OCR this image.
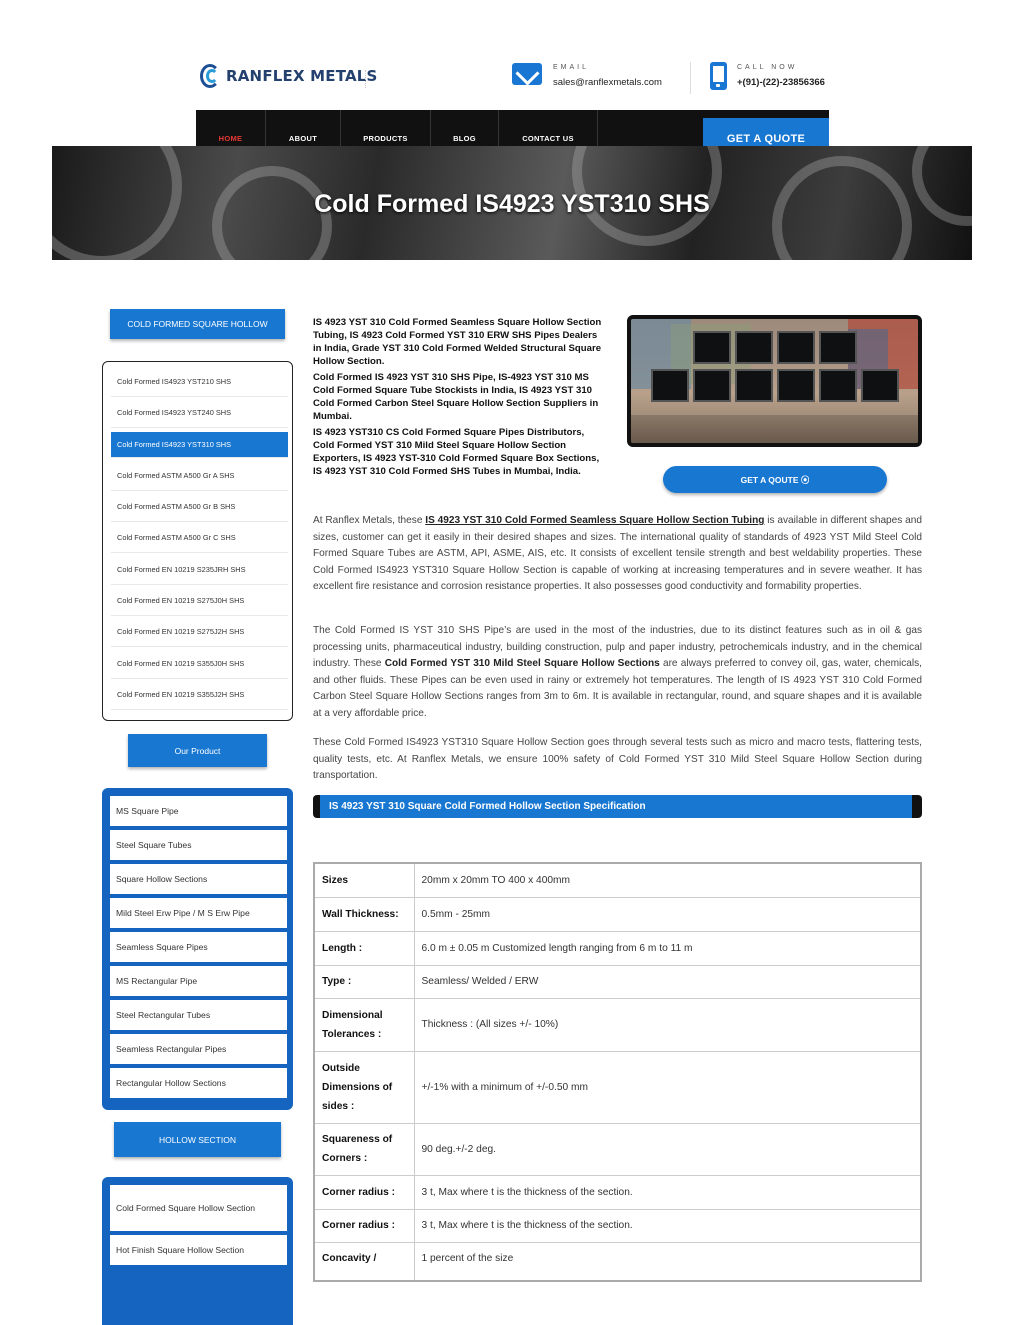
RANFLEX METALS	EMAIL
sales@ranflexmetals.com
CALL NOW
+(91)-(22)-23856366
HOME	ABOUT	PRODUCTS	BLOG	CONTACT US	GET A QUOTE
Cold Formed IS4923 YST310 SHS
COLD FORMED SQUARE HOLLOW
Cold Formed IS4923 YST210 SHS
Cold Formed IS4923 YST240 SHS
Cold Formed IS4923 YST310 SHS
Cold Formed ASTM A500 Gr A SHS
Cold Formed ASTM A500 Gr B SHS
Cold Formed ASTM A500 Gr C SHS
Cold Formed EN 10219 S235JRH SHS
Cold Formed EN 10219 S275J0H SHS
Cold Formed EN 10219 S275J2H SHS
Cold Formed EN 10219 S355J0H SHS
Cold Formed EN 10219 S355J2H SHS
Our Product
MS Square Pipe
Steel Square Tubes
Square Hollow Sections
Mild Steel Erw Pipe / M S Erw Pipe
Seamless Square Pipes
MS Rectangular Pipe
Steel Rectangular Tubes
Seamless Rectangular Pipes
Rectangular Hollow Sections
HOLLOW SECTION
Cold Formed Square Hollow Section
Hot Finish Square Hollow Section

IS 4923 YST 310 Cold Formed Seamless Square Hollow Section Tubing, IS 4923 Cold Formed YST 310 ERW SHS Pipes Dealers in India, Grade YST 310 Cold Formed Welded Structural Square Hollow Section.

Cold Formed IS 4923 YST 310 SHS Pipe, IS-4923 YST 310 MS Cold Formed Square Tube Stockists in India, IS 4923 YST 310 Cold Formed Carbon Steel Square Hollow Section Suppliers in Mumbai.

IS 4923 YST310 CS Cold Formed Square Pipes Distributors, Cold Formed YST 310 Mild Steel Square Hollow Section Exporters, IS 4923 YST-310 Cold Formed Square Box Sections, IS 4923 YST 310 Cold Formed SHS Tubes in Mumbai, India.

GET A QOUTE ⦿
At Ranflex Metals, these IS 4923 YST 310 Cold Formed Seamless Square Hollow Section Tubing is available in different shapes and sizes, customer can get it easily in their desired shapes and sizes. The international quality of standards of 4923 YST Mild Steel Cold Formed Square Tubes are ASTM, API, ASME, AIS, etc. It consists of excellent tensile strength and best weldability properties. These Cold Formed IS4923 YST310 Square Hollow Section is capable of working at increasing temperatures and in severe weather. It has excellent fire resistance and corrosion resistance properties. It also possesses good conductivity and formability properties.
The Cold Formed IS YST 310 SHS Pipe’s are used in the most of the industries, due to its distinct features such as in oil & gas processing units, pharmaceutical industry, building construction, pulp and paper industry, petrochemicals industry, and in the chemical industry. These Cold Formed YST 310 Mild Steel Square Hollow Sections are always preferred to convey oil, gas, water, chemicals, and other fluids. These Pipes can be even used in rainy or extremely hot temperatures. The length of IS 4923 YST 310 Cold Formed Carbon Steel Square Hollow Sections ranges from 3m to 6m. It is available in rectangular, round, and square shapes and it is available at a very affordable price.
These Cold Formed IS4923 YST310 Square Hollow Section goes through several tests such as micro and macro tests, flattering tests, quality tests, etc. At Ranflex Metals, we ensure 100% safety of Cold Formed YST 310 Mild Steel Square Hollow Section during transportation.
IS 4923 YST 310 Square Cold Formed Hollow Section Specification
Sizes	20mm x 20mm TO 400 x 400mm
Wall Thickness:	0.5mm - 25mm
Length :	6.0 m ± 0.05 m Customized length ranging from 6 m to 11 m
Type :	Seamless/ Welded / ERW
Dimensional Tolerances :	Thickness : (All sizes +/- 10%)
Outside Dimensions of sides :	+/-1% with a minimum of +/-0.50 mm
Squareness of Corners :	90 deg.+/-2 deg.
Corner radius :	3 t, Max where t is the thickness of the section.
Corner radius :	3 t, Max where t is the thickness of the section.
Concavity /	1 percent of the size
